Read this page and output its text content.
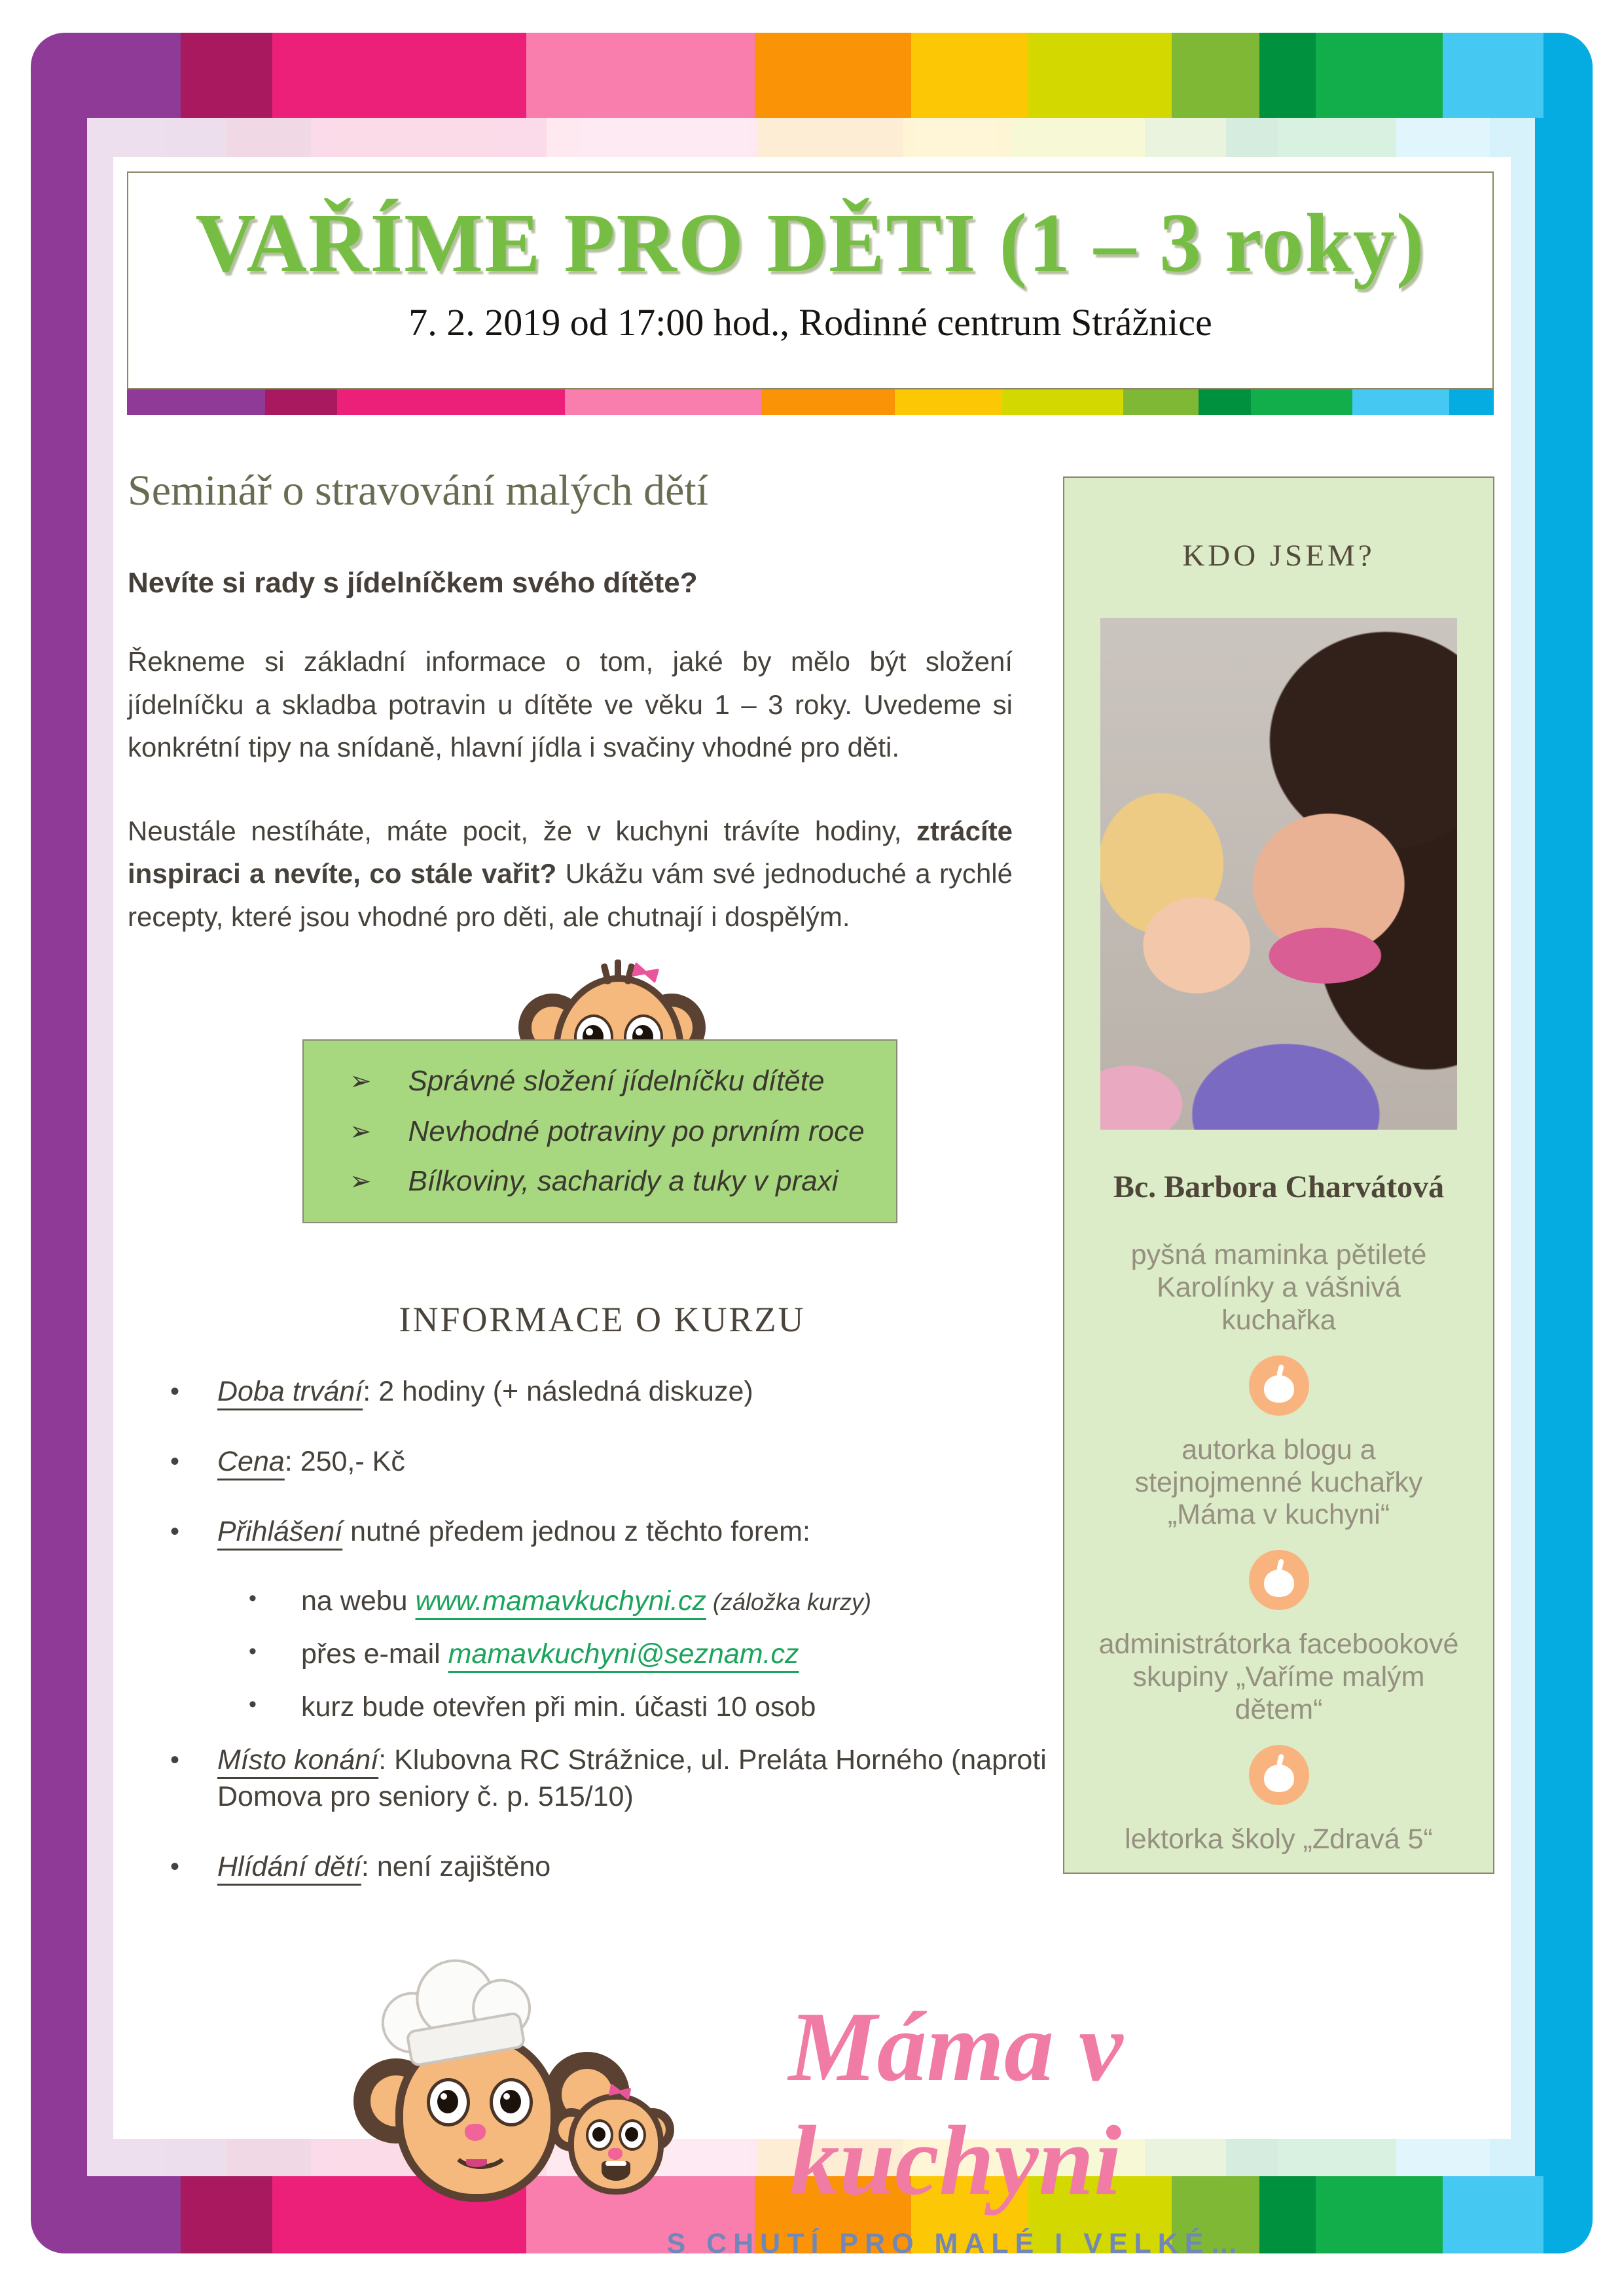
VAŘÍME PRO DĚTI (1 – 3 roky)
7. 2. 2019 od 17:00 hod., Rodinné centrum Strážnice
Seminář o stravování malých dětí

Nevíte si rady s jídelníčkem svého dítěte?

Řekneme si základní informace o tom, jaké by mělo být složení jídelníčku a skladba potravin u dítěte ve věku 1 – 3 roky. Uvedeme si konkrétní tipy na snídaně, hlavní jídla i svačiny vhodné pro děti.

Neustále nestíháte, máte pocit, že v kuchyni trávíte hodiny, ztrácíte inspiraci a nevíte, co stále vařit? Ukážu vám své jednoduché a rychlé recepty, které jsou vhodné pro děti, ale chutnají i dospělým.

➢ Správné složení jídelníčku dítěte
➢ Nevhodné potraviny po prvním roce
➢ Bílkoviny, sacharidy a tuky v praxi
INFORMACE O KURZU
•	Doba trvání: 2 hodiny (+ následná diskuze)
•	Cena: 250,- Kč
•	Přihlášení nutné předem jednou z těchto forem:
•	na webu www.mamavkuchyni.cz (záložka kurzy)
•	přes e-mail mamavkuchyni@seznam.cz
•	kurz bude otevřen při min. účasti 10 osob
•	Místo konání: Klubovna RC Strážnice, ul. Preláta Horného (naproti Domova pro seniory č. p. 515/10)
•	Hlídání dětí: není zajištěno
KDO JSEM?
Bc. Barbora Charvátová
pyšná maminka pětileté Karolínky a vášnivá kuchařka
autorka blogu a stejnojmenné kuchařky „Máma v kuchyni“
administrátorka facebookové skupiny „Vaříme malým dětem“
lektorka školy „Zdravá 5“
Máma v kuchyni
S CHUTÍ PRO MALÉ I VELKÉ…
